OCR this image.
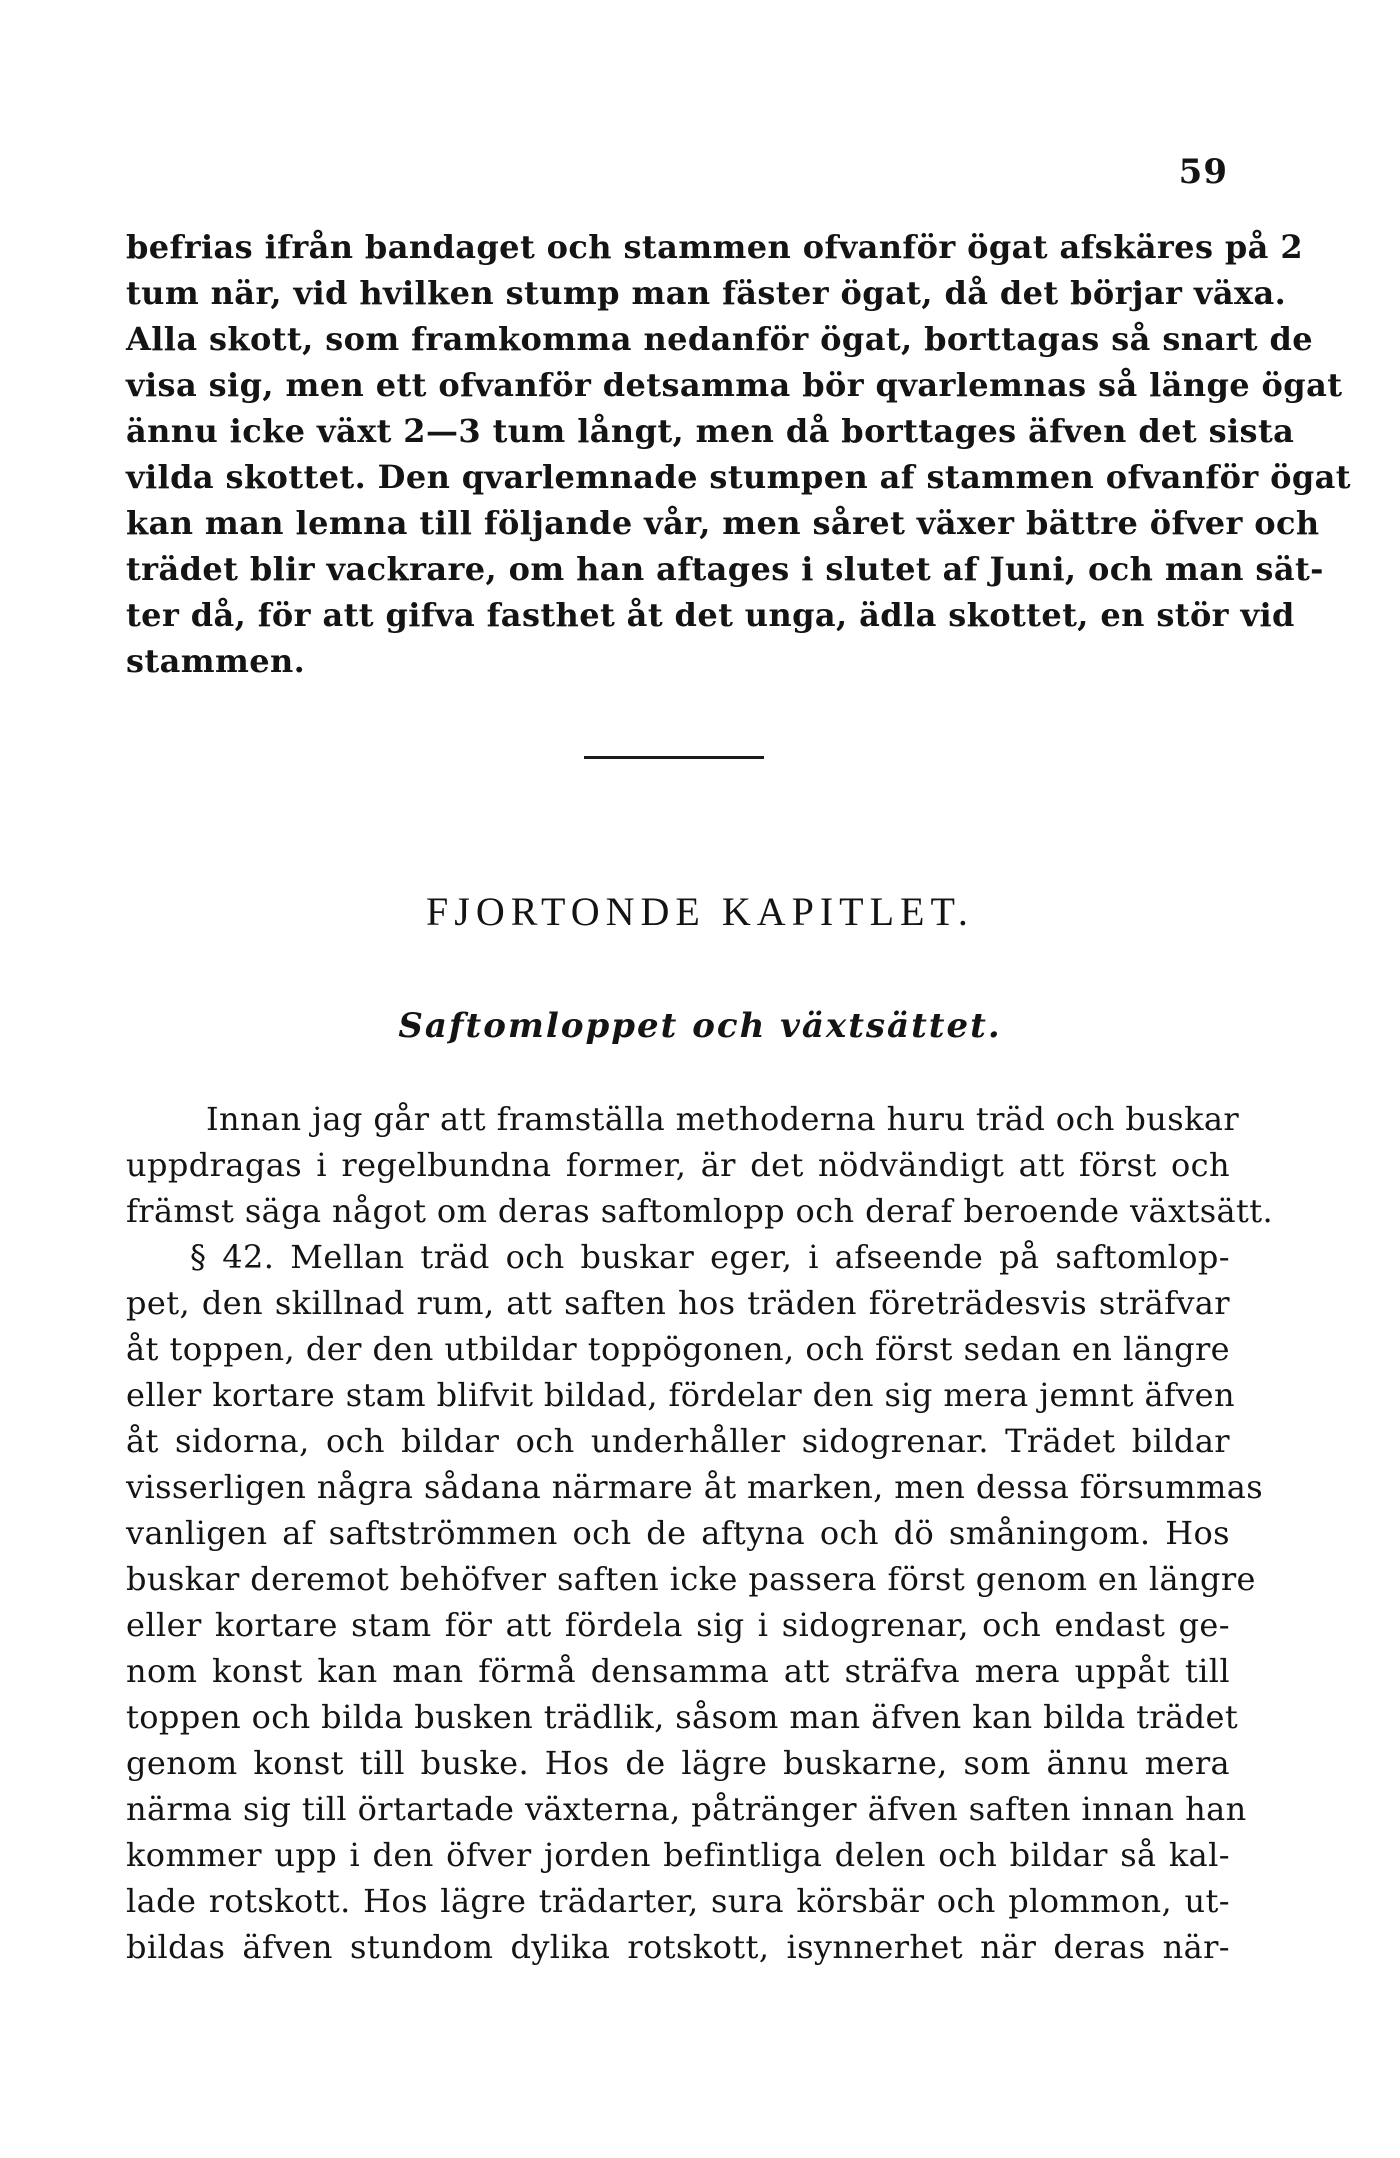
59
befrias ifrån bandaget och stammen ofvanför ögat afskäres på 2
tum när, vid hvilken stump man fäster ögat, då det börjar växa.
Alla skott, som framkomma nedanför ögat, borttagas så snart de
visa sig, men ett ofvanför detsamma bör qvarlemnas så länge ögat
ännu icke växt 2—3 tum långt, men då borttages äfven det sista
vilda skottet. Den qvarlemnade stumpen af stammen ofvanför ögat
kan man lemna till följande vår, men såret växer bättre öfver och
trädet blir vackrare, om han aftages i slutet af Juni, och man sät-
ter då, för att gifva fasthet åt det unga, ädla skottet, en stör vid
stammen.
FJORTONDE KAPITLET.
Saftomloppet och växtsättet.
Innan jag går att framställa methoderna huru träd och buskar
uppdragas i regelbundna former, är det nödvändigt att först och
främst säga något om deras saftomlopp och deraf beroende växtsätt.
§ 42. Mellan träd och buskar eger, i afseende på saftomlop-
pet, den skillnad rum, att saften hos träden företrädesvis sträfvar
åt toppen, der den utbildar toppögonen, och först sedan en längre
eller kortare stam blifvit bildad, fördelar den sig mera jemnt äfven
åt sidorna, och bildar och underhåller sidogrenar. Trädet bildar
visserligen några sådana närmare åt marken, men dessa försummas
vanligen af saftströmmen och de aftyna och dö småningom. Hos
buskar deremot behöfver saften icke passera först genom en längre
eller kortare stam för att fördela sig i sidogrenar, och endast ge-
nom konst kan man förmå densamma att sträfva mera uppåt till
toppen och bilda busken trädlik, såsom man äfven kan bilda trädet
genom konst till buske. Hos de lägre buskarne, som ännu mera
närma sig till örtartade växterna, påtränger äfven saften innan han
kommer upp i den öfver jorden befintliga delen och bildar så kal-
lade rotskott. Hos lägre trädarter, sura körsbär och plommon, ut-
bildas äfven stundom dylika rotskott, isynnerhet när deras när-
